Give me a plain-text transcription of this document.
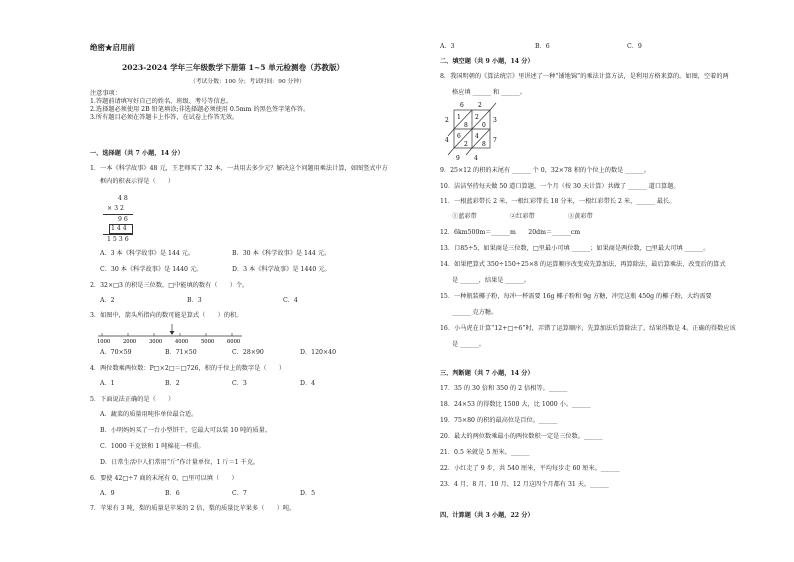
绝密★启用前
2023-2024 学年三年级数学下册第 1~5 单元检测卷（苏教版）
（考试分数：100 分；考试时间：90 分钟）
注意事项：
1.答题前请填写好自己的姓名、班级、考号等信息。
2.选择题必须使用 2B 铅笔填涂;非选择题必须使用 0.5mm 的黑色签字笔作答。
3.所有题目必须在答题卡上作答，在试卷上作答无效。
一、选择题（共 7 小题，14 分）
1．一本《科学故事》48 元，王老师买了 32 本，一共用去多少元？解决这个问题用乘法计算，如图竖式中方
框内的积表示得是（　　）
4 8
× 3 2
9 6
1 4 4
1 5 3 6
A．3 本《科学故事》是 144 元。	B．30 本《科学故事》是 144 元。
C．30 本《科学故事》是 1440 元。	D．3 本《科学故事》是 1440 元。
2．32×□3 的积是三位数，□中能填的数有（　　）个。
A．2	B．3	C．4
3．如图中，箭头所指向的数可能是算式（　　）的积。
1000 2000 3000 4000 5000 6000
A．70×59	B．71×50	C．28×90	D．120×40
4．两位数乘两位数：P□×2□＝□726，积的千位上的数字是（　　）
A．1	B．2	C．3	D．4
5．下面说法正确的是（　　）
A．蔬菜的质量用吨作单位最合适。
B．小明妈妈买了一台小型饼干，它最大可以装 10 吨的质量。
C．1000 千克铁和 1 吨棉花一样重。
D．日常生活中人们常用“斤”作计量单位，1 斤＝1 千克。
6．要使 42□÷7 商的末尾有 0，□里可以填（　　）
A．9	B．6	C．7	D．5
7．苹果有 3 吨，梨的质量是苹果的 2 倍，梨的质量比苹果多（　　）吨。
A．3	B．6	C．9
二、填空题（共 9 小题，14 分）
8．我国明朝的《算法统宗》里讲述了一种“铺地锦”的乘法计算方法，是利用方格来算的。如图，空着的两
格应填 ______ 和 ______。
6 2
2
4
3
7
1
8
2
0
6
2
4
8
9 4
9．25×12 的积的末尾有 ______ 个 0，32×78 积的个位上的数是 ______。
10．洁洁坚持每天做 50 道口算题，一个月（按 30 天计算）共做了 ______ 道口算题。
11．一根蓝彩带长 2 米，一根红彩带长 18 分米，一根红彩带长 2 米，______ 最长。
①蓝彩带	②红彩带	③黄彩带
12．6km500m＝______m　　20dm＝______cm
13．口85÷5，如果商是三位数，□里最小可填 ______；如果商是两位数，□里最大可填 ______。
14．如果把算式 350÷150÷25×8 的运算顺序改变成先算加法，再算除法，最后算乘法，改变后的算式
是 ______，结果是 ______。
15．一种瓶装椰子粉，每冲一杯需要 16g 椰子粉和 9g 方糖，冲完这瓶 450g 的椰子粉，大约需要
______ 克方糖。
16．小马虎在计算“12+□÷6”时，弄错了运算顺序，先算加法后算除法了，结果得数是 4。正确的得数应该
是 ______。
三、判断题（共 7 小题，14 分）
17．35 的 30 倍和 350 的 2 倍相等。______
18．24×53 的得数比 1500 大，比 1000 小。______
19．75×80 的积的最高位是百位。______
20．最大的两位数乘最小的两位数积一定是三位数。______
21．0.5 米就是 5 厘米。______
22．小红走了 9 步，共 540 厘米，平均每步走 60 厘米。______
23．4 月、8 月、10 月、12 月这四个月都有 31 天。______
四、计算题（共 3 小题，22 分）
